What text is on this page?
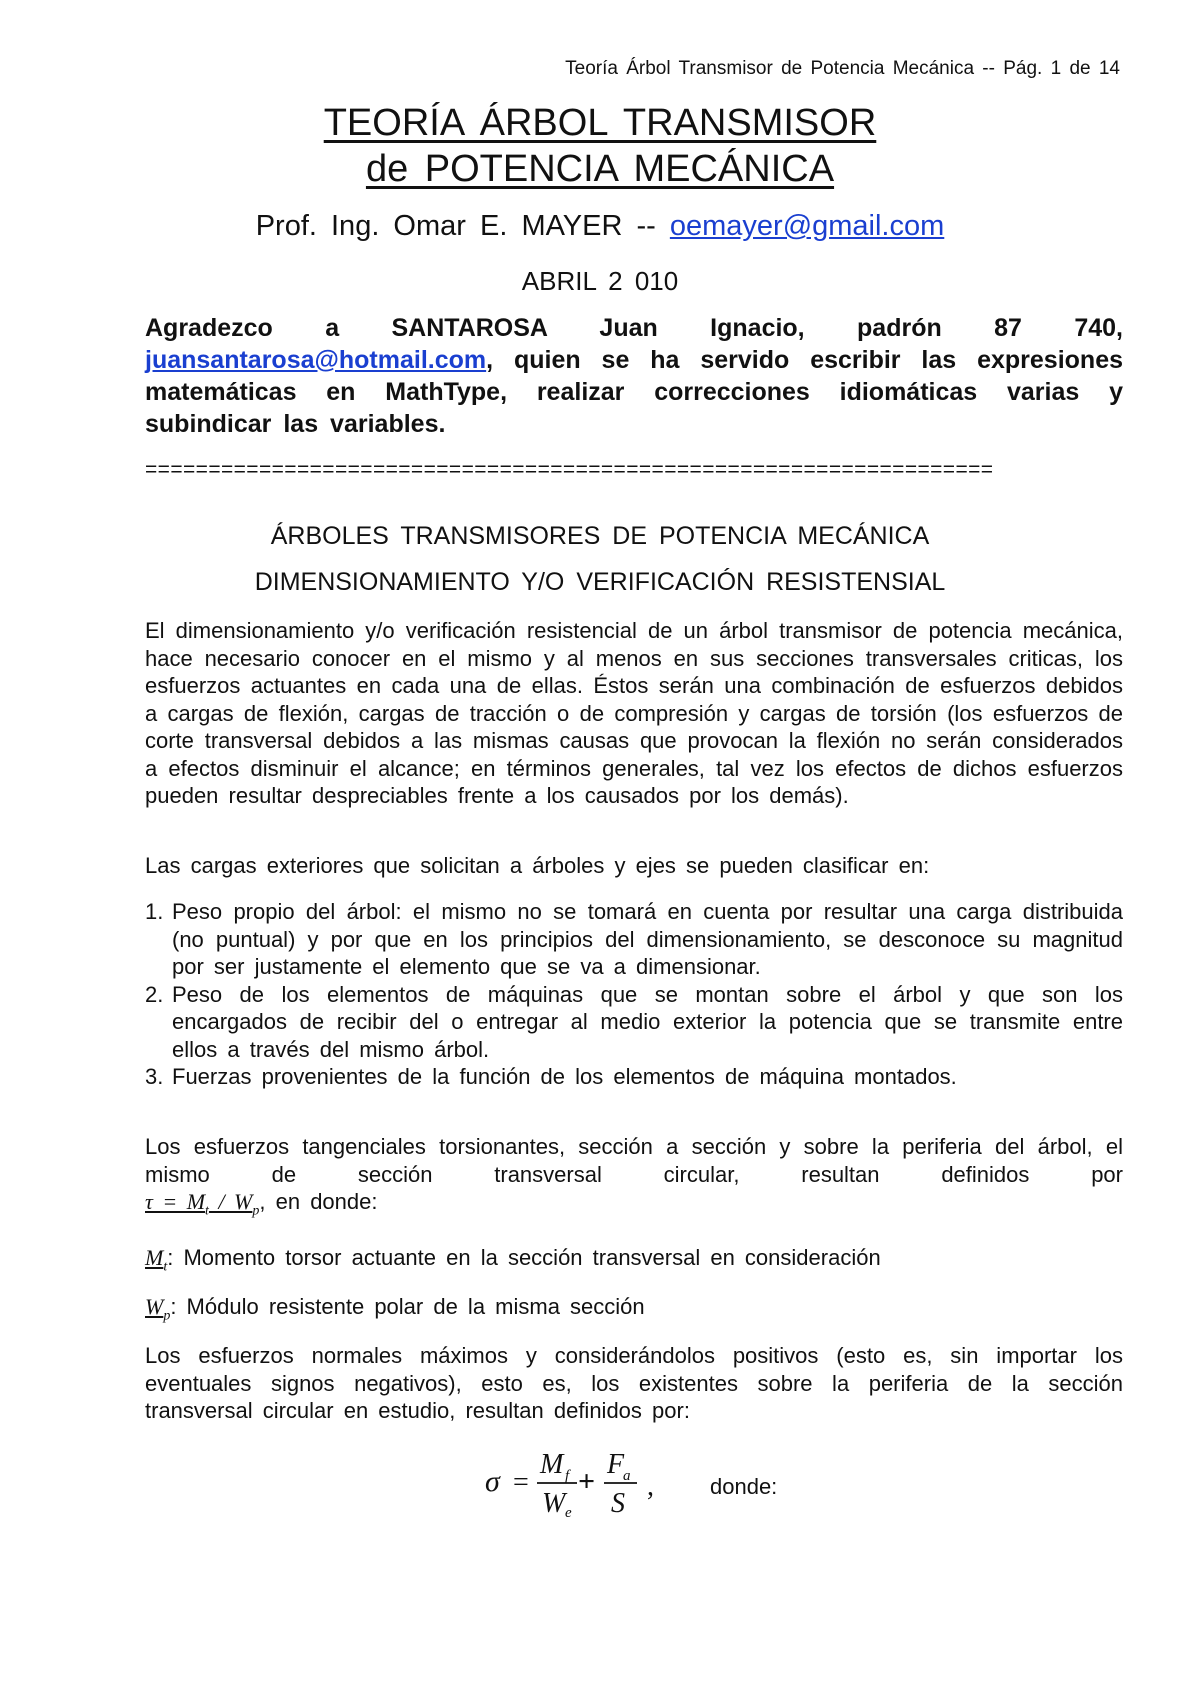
Teoría Árbol Transmisor de Potencia Mecánica -- Pág. 1 de 14
TEORÍA ÁRBOL TRANSMISOR
de POTENCIA MECÁNICA
Prof. Ing. Omar E. MAYER -- oemayer@gmail.com
ABRIL 2 010
Agradezco a SANTAROSA Juan Ignacio, padrón 87 740, juansantarosa@hotmail.com, quien se ha servido escribir las expresiones matemáticas en MathType, realizar correcciones idiomáticas varias y subindicar las variables.
===================================================================
ÁRBOLES TRANSMISORES DE POTENCIA MECÁNICA
DIMENSIONAMIENTO Y/O VERIFICACIÓN RESISTENSIAL

El dimensionamiento y/o verificación resistencial de un árbol transmisor de potencia mecánica, hace necesario conocer en el mismo y al menos en sus secciones transversales criticas, los esfuerzos actuantes en cada una de ellas. Éstos serán una combinación de esfuerzos debidos a cargas de flexión, cargas de tracción o de compresión y cargas de torsión (los esfuerzos de corte transversal debidos a las mismas causas que provocan la flexión no serán considerados a efectos disminuir el alcance; en términos generales, tal vez los efectos de dichos esfuerzos pueden resultar despreciables frente a los causados por los demás).

Las cargas exteriores que solicitan a árboles y ejes se pueden clasificar en:

1. Peso propio del árbol: el mismo no se tomará en cuenta por resultar una carga distribuida (no puntual) y por que en los principios del dimensionamiento, se desconoce su magnitud por ser justamente el elemento que se va a dimensionar.
2. Peso de los elementos de máquinas que se montan sobre el árbol y que son los encargados de recibir del o entregar al medio exterior la potencia que se transmite entre ellos a través del mismo árbol.
3. Fuerzas provenientes de la función de los elementos de máquina montados.
Los esfuerzos tangenciales torsionantes, sección a sección y sobre la periferia del árbol, el mismo de sección transversal circular, resultan definidos por
$\tau = M_t / W_p$, en donde:
$M_t$: Momento torsor actuante en la sección transversal en consideración
$W_p$: Módulo resistente polar de la misma sección

Los esfuerzos normales máximos y considerándolos positivos (esto es, sin importar los eventuales signos negativos), esto es, los existentes sobre la periferia de la sección transversal circular en estudio, resultan definidos por:

σ =
M f
W e
+
F
a
S
,	donde:
